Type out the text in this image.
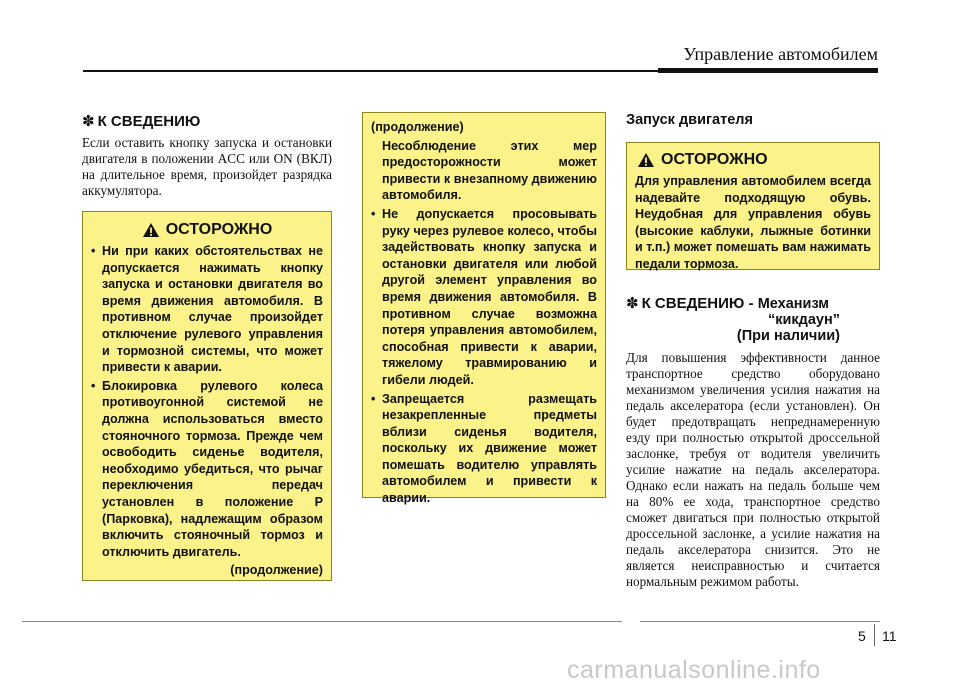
Управление автомобилем
✽ К СВЕДЕНИЮ

Если оставить кнопку запуска и остановки двигателя в положении ACC или ON (ВКЛ) на длительное время, произойдет разрядка аккумулятора.

ОСТОРОЖНО
• Ни при каких обстоятельствах не допускается нажимать кнопку запуска и остановки двигателя во время движения автомобиля. В противном случае произойдет отключение рулевого управления и тормозной системы, что может привести к аварии.
• Блокировка рулевого колеса противоугонной системой не должна использоваться вместо стояночного тормоза. Прежде чем освободить сиденье водителя, необходимо убедиться, что рычаг переключения передач установлен в положение P (Парковка), надлежащим образом включить стояночный тормоз и отключить двигатель.
(продолжение)
(продолжение)
Несоблюдение этих мер предосторожности может привести к внезапному движению автомобиля.
• Не допускается просовывать руку через рулевое колесо, чтобы задействовать кнопку запуска и остановки двигателя или любой другой элемент управления во время движения автомобиля. В противном случае возможна потеря управления автомобилем, способная привести к аварии, тяжелому травмированию и гибели людей.
• Запрещается размещать незакрепленные предметы вблизи сиденья водителя, поскольку их движение может помешать водителю управлять автомобилем и привести к аварии.
Запуск двигателя
ОСТОРОЖНО

Для управления автомобилем всегда надевайте подходящую обувь. Неудобная для управления обувь (высокие каблуки, лыжные ботинки и т.п.) может помешать вам нажимать педали тормоза.

✽ К СВЕДЕНИЮ - Механизм
“кикдаун”
(При наличии)

Для повышения эффективности данное транспортное средство оборудовано механизмом увеличения усилия нажатия на педаль акселератора (если установлен). Он будет предотвращать непреднамеренную езду при полностью открытой дроссельной заслонке, требуя от водителя увеличить усилие нажатие на педаль акселератора. Однако если нажать на педаль больше чем на 80% ее хода, транспортное средство сможет двигаться при полностью открытой дроссельной заслонке, а усилие нажатия на педаль акселератора снизится. Это не является неисправностью и считается нормальным режимом работы.

5 11
carmanualsonline.info
